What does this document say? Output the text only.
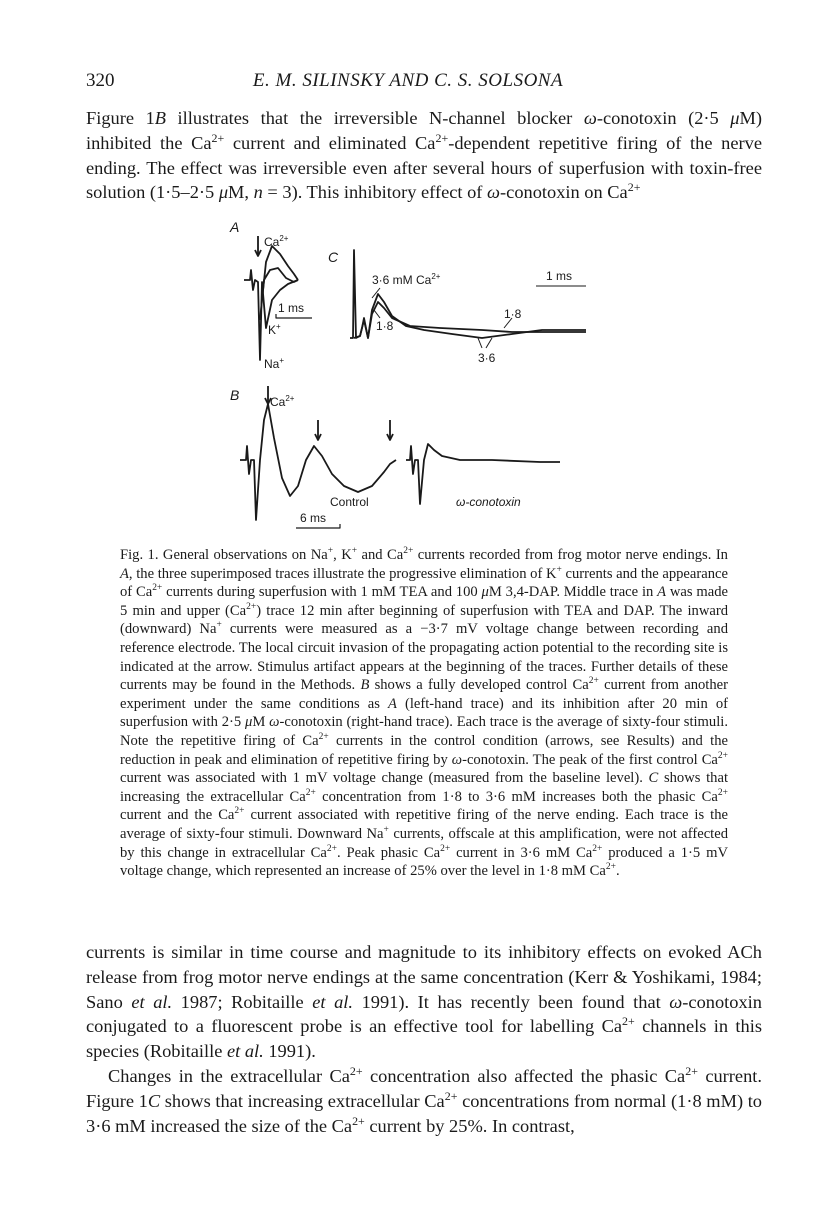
320	E. M. SILINSKY AND C. S. SOLSONA

Figure 1B illustrates that the irreversible N-channel blocker ω-conotoxin (2·5 μM) inhibited the $Ca^{2+}$ current and eliminated $Ca^{2+}$-dependent repetitive firing of the nerve ending. The effect was irreversible even after several hours of superfusion with toxin-free solution (1·5–2·5 μM, n = 3). This inhibitory effect of ω-conotoxin on $Ca^{2+}$

A
$Ca^{2+}$
1 ms
K+
Na+
C
3·6 mM $Ca^{2+}$	1 ms
1·8
1·8
3·6
B	$Ca^{2+}$
Control	ω-conotoxin
6 ms

Fig. 1. General observations on Na+, K+ and $Ca^{2+}$ currents recorded from frog motor nerve endings. In A, the three superimposed traces illustrate the progressive elimination of K+ currents and the appearance of $Ca^{2+}$ currents during superfusion with 1 mM TEA and 100 μM 3,4-DAP. Middle trace in A was made 5 min and upper $(Ca^{2+})$ trace 12 min after beginning of superfusion with TEA and DAP. The inward (downward) Na+ currents were measured as a −3·7 mV voltage change between recording and reference electrode. The local circuit invasion of the propagating action potential to the recording site is indicated at the arrow. Stimulus artifact appears at the beginning of the traces. Further details of these currents may be found in the Methods. B shows a fully developed control $Ca^{2+}$ current from another experiment under the same conditions as A (left-hand trace) and its inhibition after 20 min of superfusion with 2·5 μM ω-conotoxin (right-hand trace). Each trace is the average of sixty-four stimuli. Note the repetitive firing of $Ca^{2+}$ currents in the control condition (arrows, see Results) and the reduction in peak and elimination of repetitive firing by ω-conotoxin. The peak of the first control $Ca^{2+}$ current was associated with 1 mV voltage change (measured from the baseline level). C shows that increasing the extracellular $Ca^{2+}$ concentration from 1·8 to 3·6 mM increases both the phasic $Ca^{2+}$ current and the $Ca^{2+}$ current associated with repetitive firing of the nerve ending. Each trace is the average of sixty-four stimuli. Downward Na+ currents, offscale at this amplification, were not affected by this change in extracellular $Ca^{2+}$. Peak phasic $Ca^{2+}$ current in 3·6 mM $Ca^{2+}$ produced a 1·5 mV voltage change, which represented an increase of 25% over the level in 1·8 mM $Ca^{2+}$.

currents is similar in time course and magnitude to its inhibitory effects on evoked ACh release from frog motor nerve endings at the same concentration (Kerr & Yoshikami, 1984; Sano et al. 1987; Robitaille et al. 1991). It has recently been found that ω-conotoxin conjugated to a fluorescent probe is an effective tool for labelling $Ca^{2+}$ channels in this species (Robitaille et al. 1991).

Changes in the extracellular $Ca^{2+}$ concentration also affected the phasic $Ca^{2+}$ current. Figure 1C shows that increasing extracellular $Ca^{2+}$ concentrations from normal (1·8 mM) to 3·6 mM increased the size of the $Ca^{2+}$ current by 25%. In contrast,
